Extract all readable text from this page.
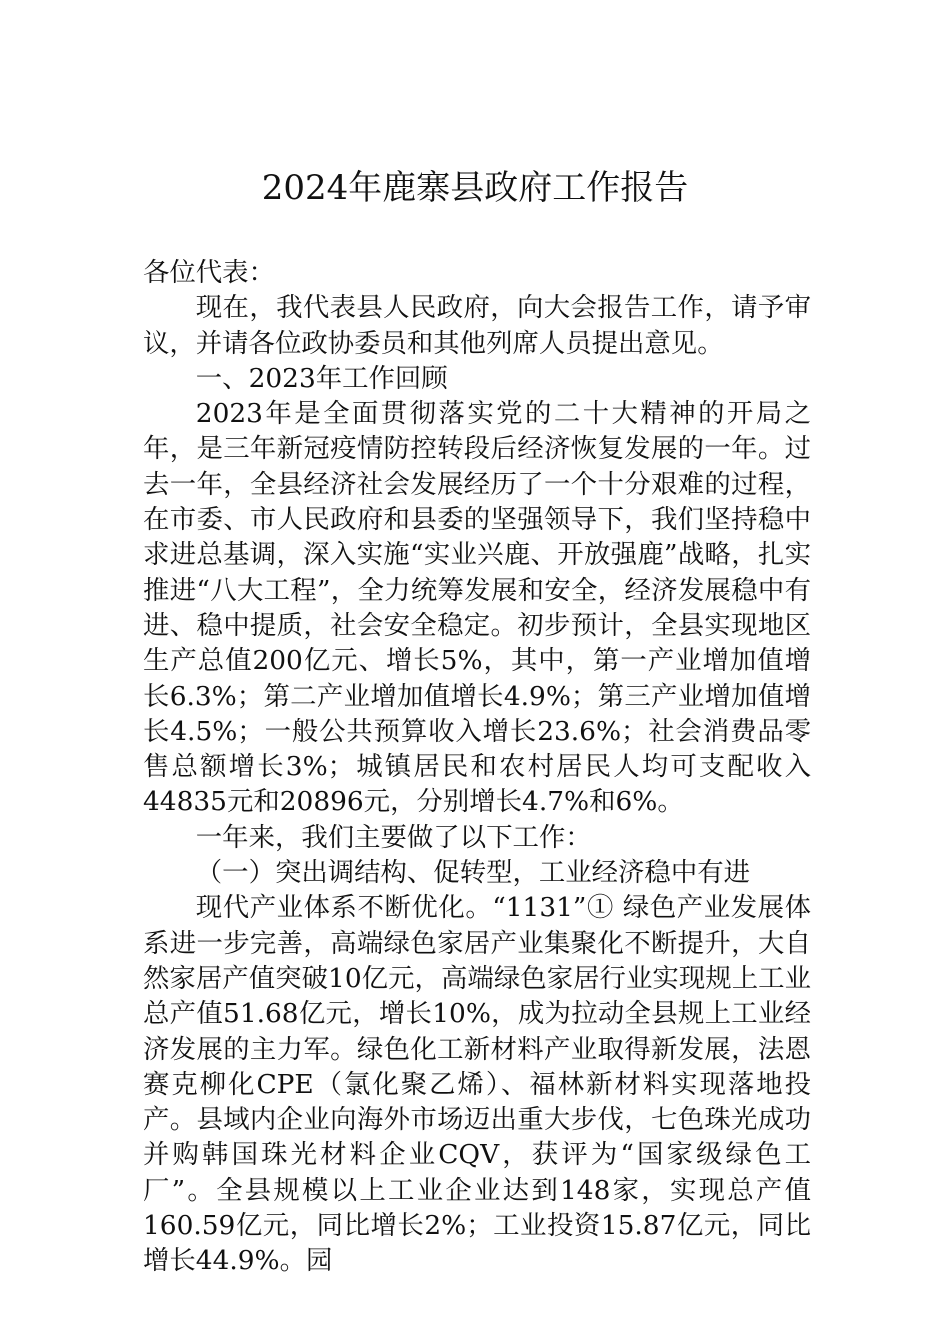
2024年鹿寨县政府工作报告

各位代表：

现在，我代表县人民政府，向大会报告工作，请予审议，并请各位政协委员和其他列席人员提出意见。

一、2023年工作回顾

2023年是全面贯彻落实党的二十大精神的开局之年，是三年新冠疫情防控转段后经济恢复发展的一年。过去一年，全县经济社会发展经历了一个十分艰难的过程，在市委、市人民政府和县委的坚强领导下，我们坚持稳中求进总基调，深入实施“实业兴鹿、开放强鹿”战略，扎实推进“八大工程”，全力统筹发展和安全，经济发展稳中有进、稳中提质，社会安全稳定。初步预计，全县实现地区生产总值200亿元、增长5%，其中，第一产业增加值增长6.3%；第二产业增加值增长4.9%；第三产业增加值增长4.5%；一般公共预算收入增长23.6%；社会消费品零售总额增长3%；城镇居民和农村居民人均可支配收入44835元和20896元，分别增长4.7%和6%。

一年来，我们主要做了以下工作：

（一）突出调结构、促转型，工业经济稳中有进

现代产业体系不断优化。“1131”① 绿色产业发展体系进一步完善，高端绿色家居产业集聚化不断提升，大自然家居产值突破10亿元，高端绿色家居行业实现规上工业总产值51.68亿元，增长10%，成为拉动全县规上工业经济发展的主力军。绿色化工新材料产业取得新发展，法恩赛克柳化CPE（氯化聚乙烯）、福林新材料实现落地投产。县域内企业向海外市场迈出重大步伐，七色珠光成功并购韩国珠光材料企业CQV，获评为“国家级绿色工厂”。全县规模以上工业企业达到148家，实现总产值160.59亿元，同比增长2%；工业投资15.87亿元，同比增长44.9%。园
